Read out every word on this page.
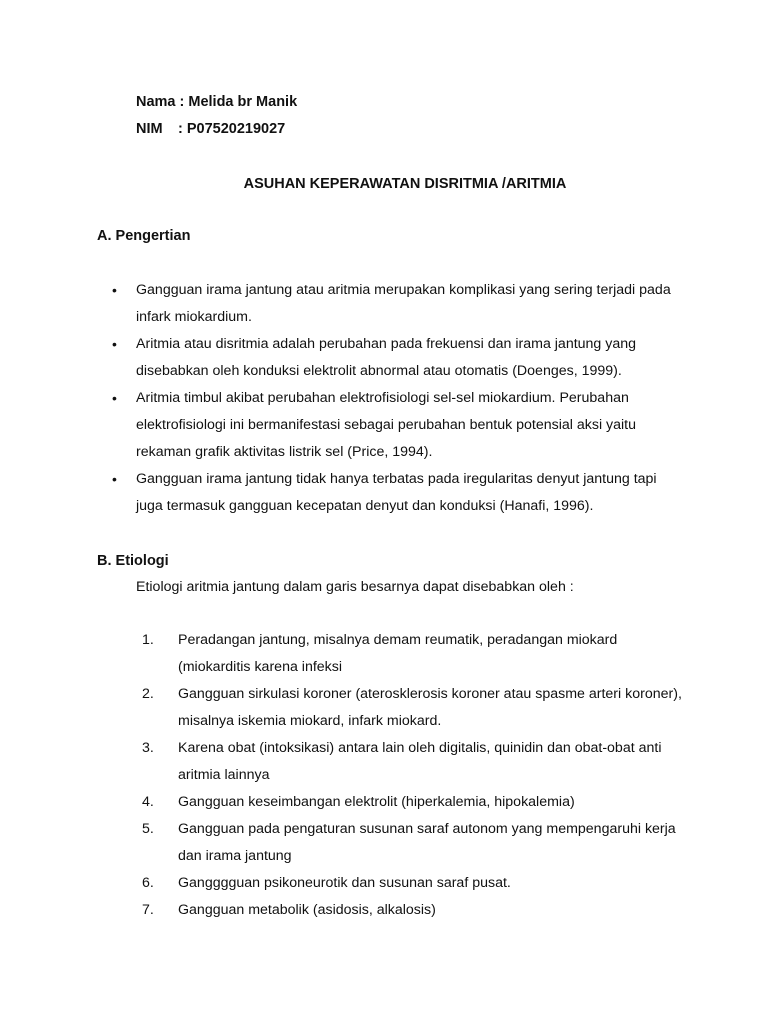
Nama : Melida br Manik
NIM : P07520219027
ASUHAN KEPERAWATAN DISRITMIA /ARITMIA
A. Pengertian
• Gangguan irama jantung atau aritmia merupakan komplikasi yang sering terjadi pada infark miokardium.
• Aritmia atau disritmia adalah perubahan pada frekuensi dan irama jantung yang disebabkan oleh konduksi elektrolit abnormal atau otomatis (Doenges, 1999).
• Aritmia timbul akibat perubahan elektrofisiologi sel-sel miokardium. Perubahan elektrofisiologi ini bermanifestasi sebagai perubahan bentuk potensial aksi yaitu rekaman grafik aktivitas listrik sel (Price, 1994).
• Gangguan irama jantung tidak hanya terbatas pada iregularitas denyut jantung tapi juga termasuk gangguan kecepatan denyut dan konduksi (Hanafi, 1996).
B. Etiologi
Etiologi aritmia jantung dalam garis besarnya dapat disebabkan oleh :
1. Peradangan jantung, misalnya demam reumatik, peradangan miokard (miokarditis karena infeksi
2. Gangguan sirkulasi koroner (aterosklerosis koroner atau spasme arteri koroner), misalnya iskemia miokard, infark miokard.
3. Karena obat (intoksikasi) antara lain oleh digitalis, quinidin dan obat-obat anti aritmia lainnya
4. Gangguan keseimbangan elektrolit (hiperkalemia, hipokalemia)
5. Gangguan pada pengaturan susunan saraf autonom yang mempengaruhi kerja dan irama jantung
6. Gangggguan psikoneurotik dan susunan saraf pusat.
7. Gangguan metabolik (asidosis, alkalosis)
